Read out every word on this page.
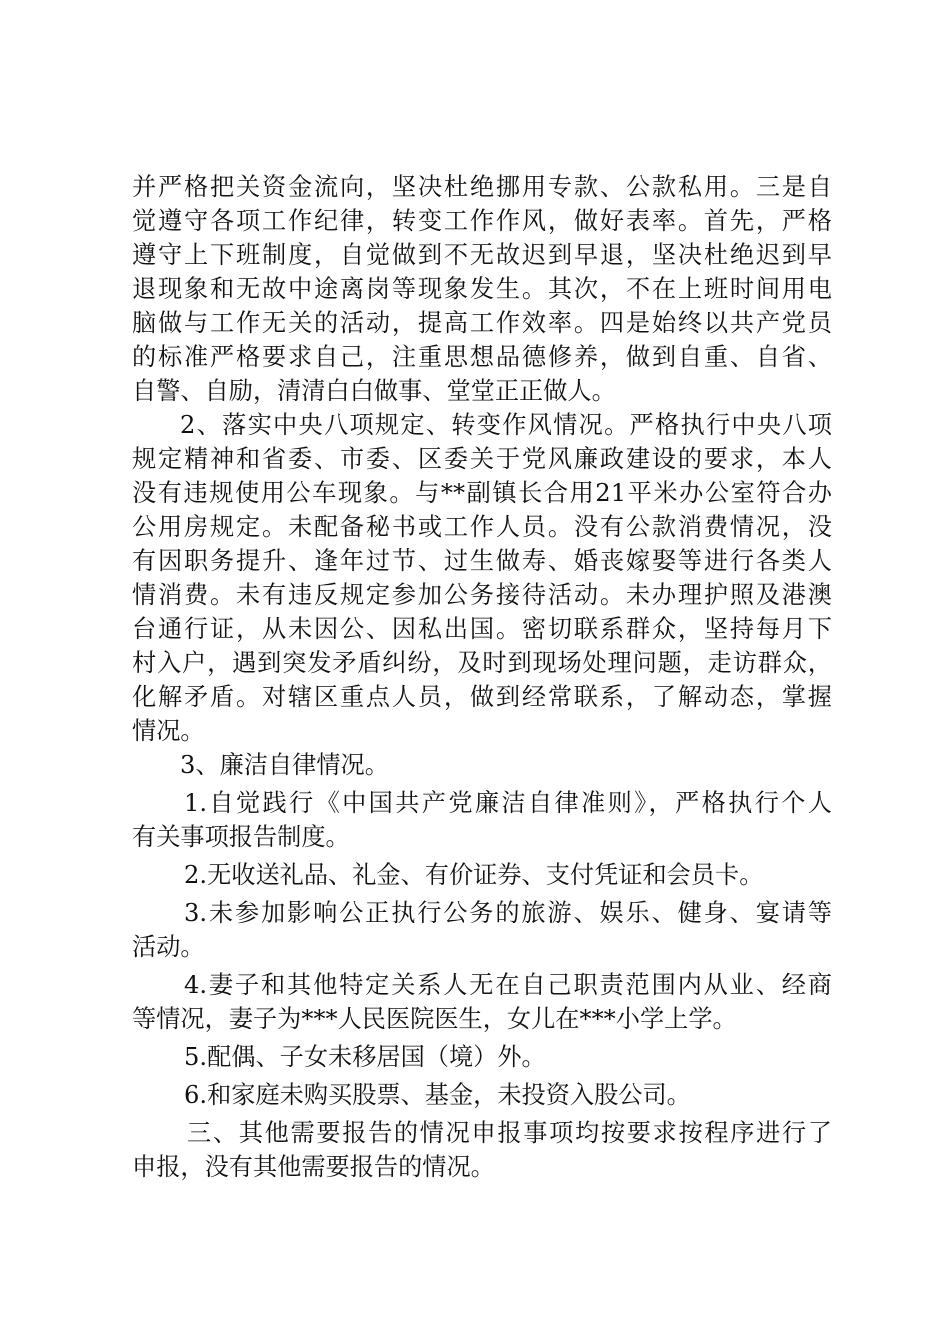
并严格把关资金流向，坚决杜绝挪用专款、公款私用。三是自
觉遵守各项工作纪律，转变工作作风，做好表率。首先，严格
遵守上下班制度，自觉做到不无故迟到早退，坚决杜绝迟到早
退现象和无故中途离岗等现象发生。其次，不在上班时间用电
脑做与工作无关的活动，提高工作效率。四是始终以共产党员
的标准严格要求自己，注重思想品德修养，做到自重、自省、
自警、自励，清清白白做事、堂堂正正做人。
2、落实中央八项规定、转变作风情况。严格执行中央八项
规定精神和省委、市委、区委关于党风廉政建设的要求，本人
没有违规使用公车现象。与**副镇长合用21平米办公室符合办
公用房规定。未配备秘书或工作人员。没有公款消费情况，没
有因职务提升、逢年过节、过生做寿、婚丧嫁娶等进行各类人
情消费。未有违反规定参加公务接待活动。未办理护照及港澳
台通行证，从未因公、因私出国。密切联系群众，坚持每月下
村入户，遇到突发矛盾纠纷，及时到现场处理问题，走访群众，
化解矛盾。对辖区重点人员，做到经常联系，了解动态，掌握
情况。
3、廉洁自律情况。
1.自觉践行《中国共产党廉洁自律准则》，严格执行个人
有关事项报告制度。
2.无收送礼品、礼金、有价证券、支付凭证和会员卡。
3.未参加影响公正执行公务的旅游、娱乐、健身、宴请等
活动。
4.妻子和其他特定关系人无在自己职责范围内从业、经商
等情况，妻子为***人民医院医生，女儿在***小学上学。
5.配偶、子女未移居国（境）外。
6.和家庭未购买股票、基金，未投资入股公司。
三、其他需要报告的情况申报事项均按要求按程序进行了
申报，没有其他需要报告的情况。
